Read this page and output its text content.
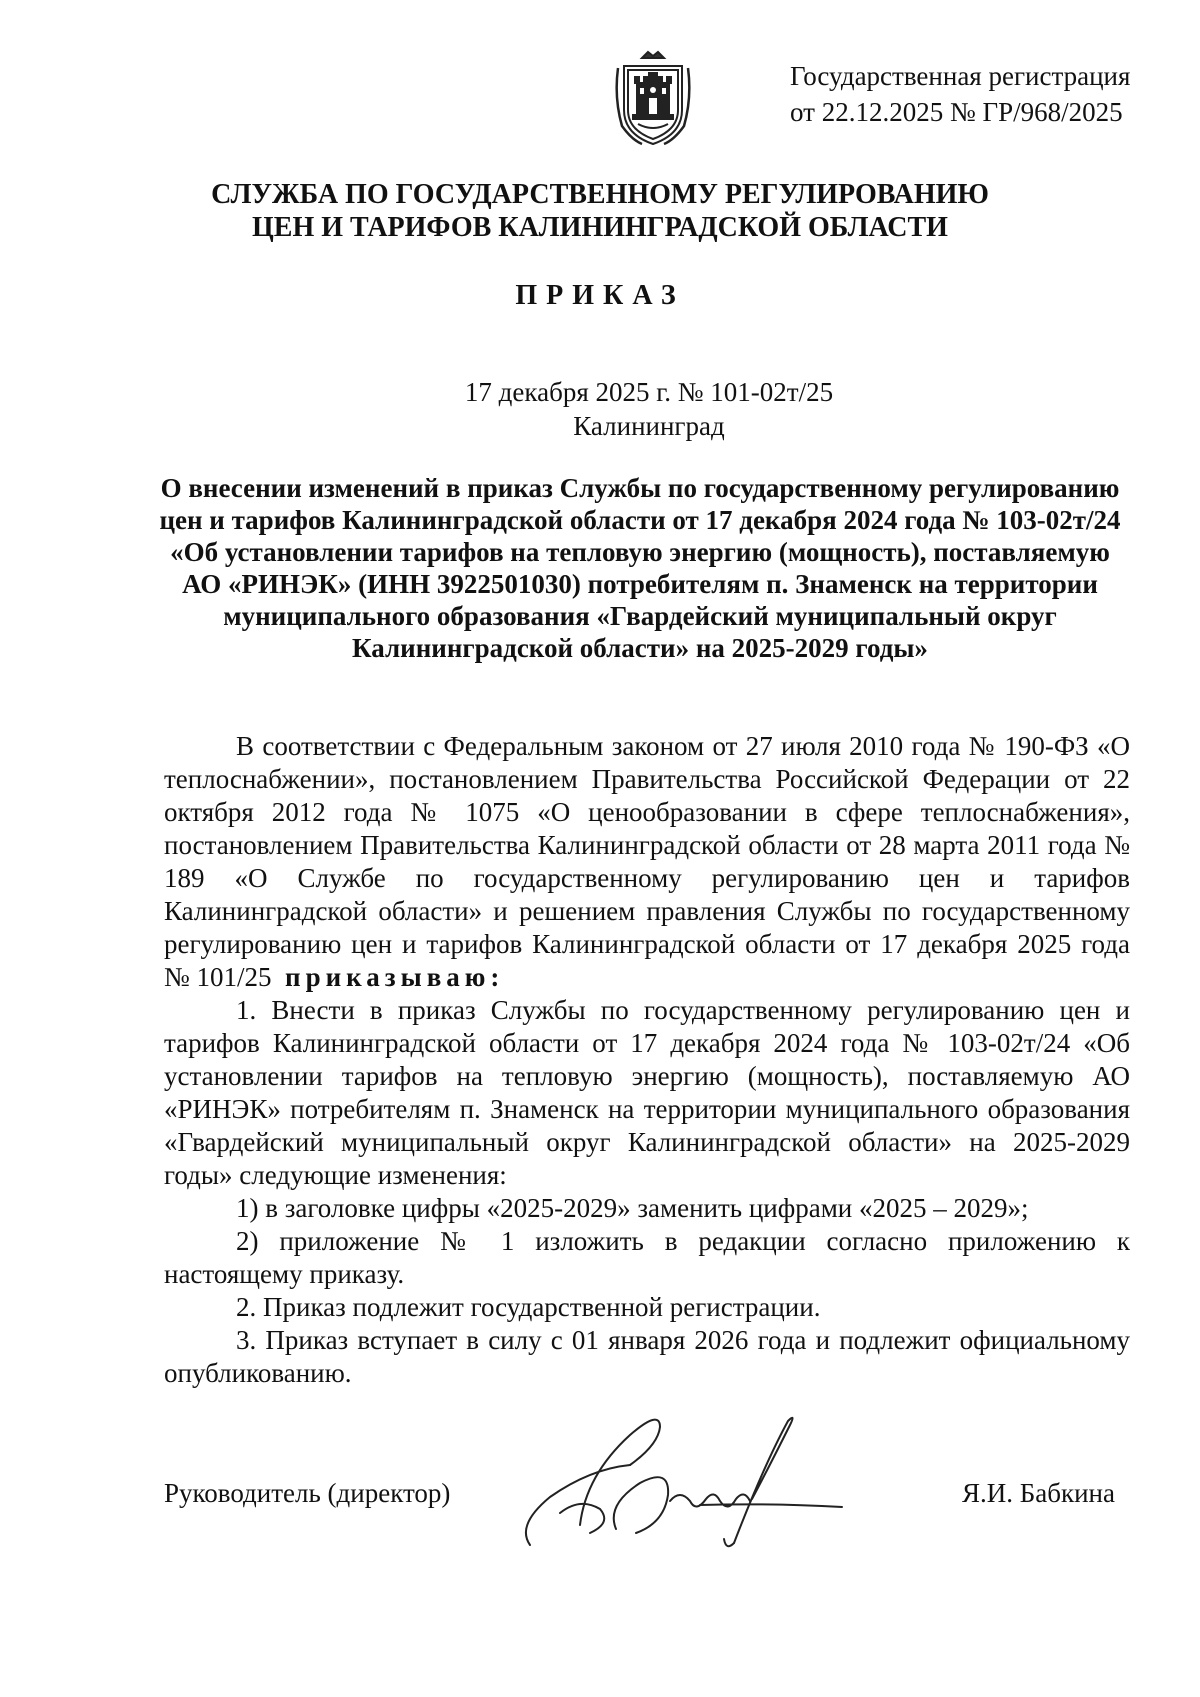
Государственная регистрация
от 22.12.2025 № ГР/968/2025
СЛУЖБА ПО ГОСУДАРСТВЕННОМУ РЕГУЛИРОВАНИЮ
ЦЕН И ТАРИФОВ КАЛИНИНГРАДСКОЙ ОБЛАСТИ
ПРИКАЗ
17 декабря 2025 г. № 101-02т/25
Калининград
О внесении изменений в приказ Службы по государственному регулированию цен и тарифов Калининградской области от 17 декабря 2024 года № 103-02т/24 «Об установлении тарифов на тепловую энергию (мощность), поставляемую АО «РИНЭК» (ИНН 3922501030) потребителям п. Знаменск на территории муниципального образования «Гвардейский муниципальный округ Калининградской области» на 2025-2029 годы»

В соответствии с Федеральным законом от 27 июля 2010 года № 190-ФЗ «О теплоснабжении», постановлением Правительства Российской Федерации от 22 октября 2012 года № 1075 «О ценообразовании в сфере теплоснабжения», постановлением Правительства Калининградской области от 28 марта 2011 года № 189 «О Службе по государственному регулированию цен и тарифов Калининградской области» и решением правления Службы по государственному регулированию цен и тарифов Калининградской области от 17 декабря 2025 года № 101/25 приказываю:

1. Внести в приказ Службы по государственному регулированию цен и тарифов Калининградской области от 17 декабря 2024 года № 103-02т/24 «Об установлении тарифов на тепловую энергию (мощность), поставляемую АО «РИНЭК» потребителям п. Знаменск на территории муниципального образования «Гвардейский муниципальный округ Калининградской области» на 2025-2029 годы» следующие изменения:

1) в заголовке цифры «2025-2029» заменить цифрами «2025 – 2029»;

2) приложение № 1 изложить в редакции согласно приложению к настоящему приказу.

2. Приказ подлежит государственной регистрации.

3. Приказ вступает в силу с 01 января 2026 года и подлежит официальному опубликованию.

Руководитель (директор)	Я.И. Бабкина
